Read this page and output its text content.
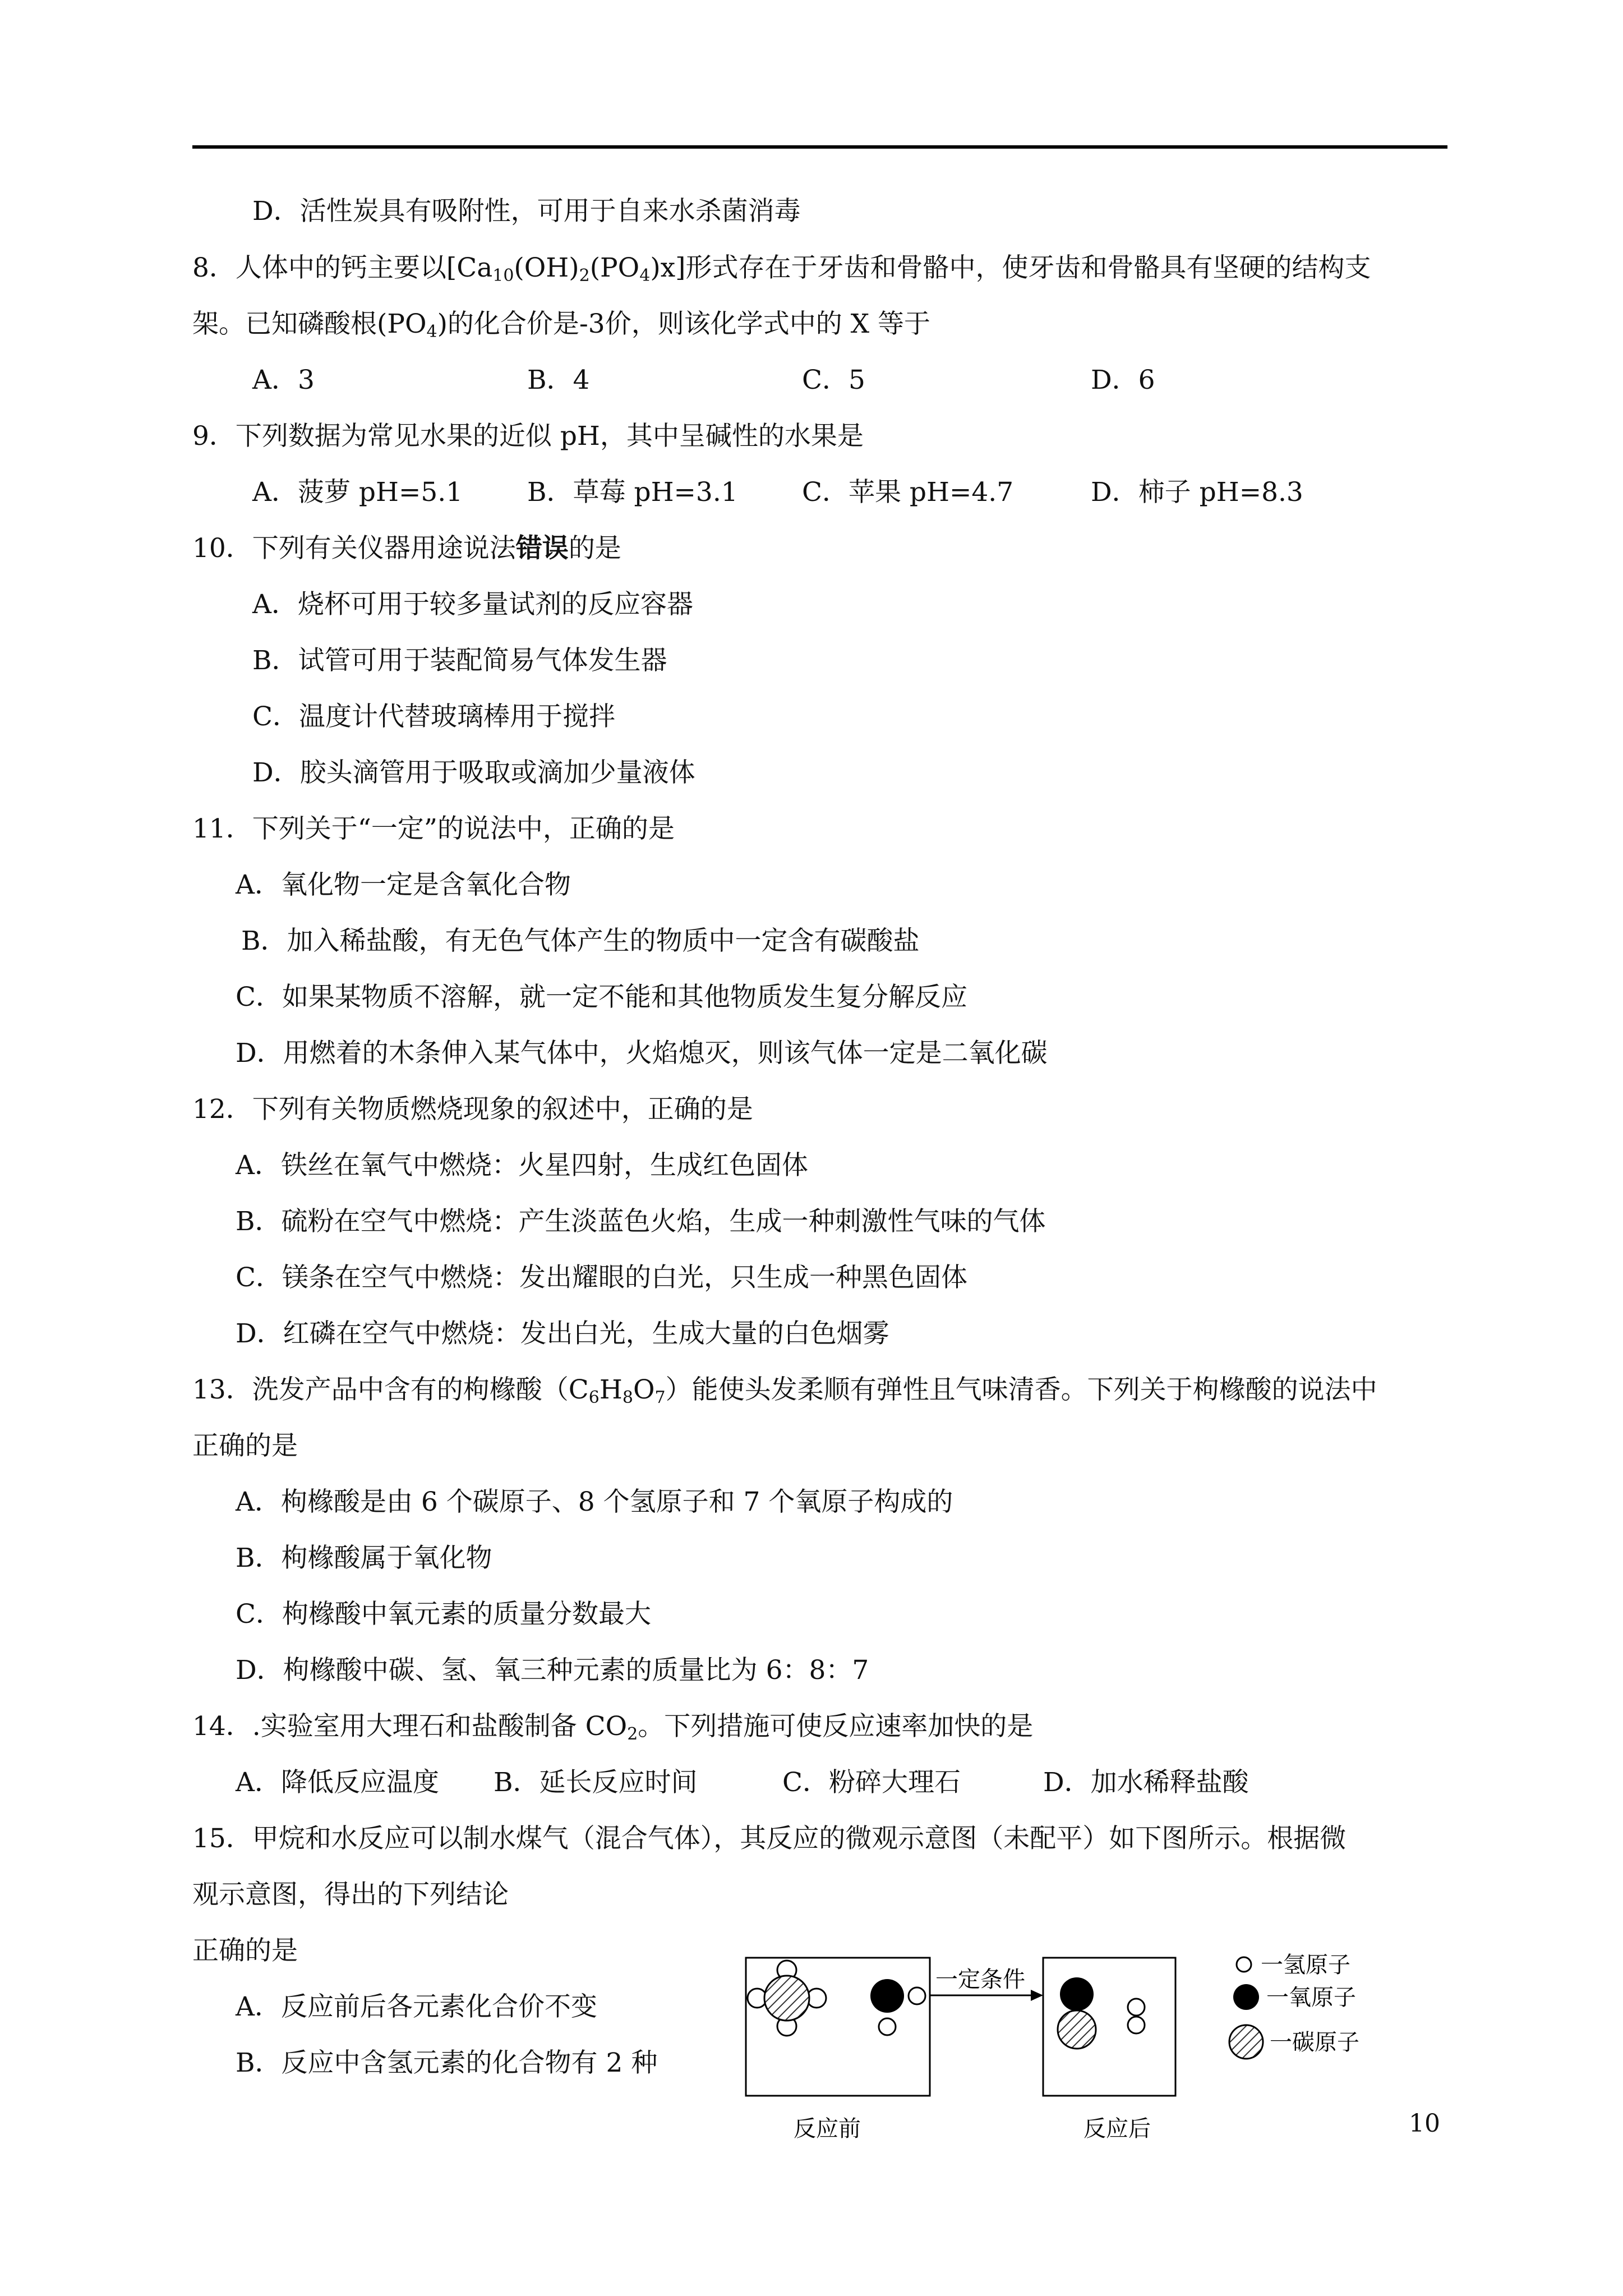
D．活性炭具有吸附性，可用于自来水杀菌消毒
8．人体中的钙主要以$[Ca_{10}(OH)_2(PO_4)x]$形式存在于牙齿和骨骼中，使牙齿和骨骼具有坚硬的结构支
架。已知磷酸根$(PO_4)$的化合价是-3价，则该化学式中的 X 等于
A．3	B．4	C．5	D．6
9．下列数据为常见水果的近似 pH，其中呈碱性的水果是
A．菠萝 pH=5.1 B．草莓 pH=3.1 C．苹果 pH=4.7	D．柿子 pH=8.3
10．下列有关仪器用途说法错误的是
A．烧杯可用于较多量试剂的反应容器
B．试管可用于装配简易气体发生器
C．温度计代替玻璃棒用于搅拌
D．胶头滴管用于吸取或滴加少量液体
11．下列关于“一定”的说法中，正确的是
A．氧化物一定是含氧化合物
B．加入稀盐酸，有无色气体产生的物质中一定含有碳酸盐
C．如果某物质不溶解，就一定不能和其他物质发生复分解反应
D．用燃着的木条伸入某气体中，火焰熄灭，则该气体一定是二氧化碳
12．下列有关物质燃烧现象的叙述中，正确的是
A．铁丝在氧气中燃烧：火星四射，生成红色固体
B．硫粉在空气中燃烧：产生淡蓝色火焰，生成一种刺激性气味的气体
C．镁条在空气中燃烧：发出耀眼的白光，只生成一种黑色固体
D．红磷在空气中燃烧：发出白光，生成大量的白色烟雾
13．洗发产品中含有的枸橼酸$(C_6H_8O_7)$能使头发柔顺有弹性且气味清香。下列关于枸橼酸的说法中
正确的是
A．枸橼酸是由 6 个碳原子、8 个氢原子和 7 个氧原子构成的
B．枸橼酸属于氧化物
C．枸橼酸中氧元素的质量分数最大
D．枸橼酸中碳、氢、氧三种元素的质量比为 6：8：7
14．.实验室用大理石和盐酸制备 $CO_2$。下列措施可使反应速率加快的是
A．降低反应温度 B．延长反应时间	C．粉碎大理石	D．加水稀释盐酸
15．甲烷和水反应可以制水煤气（混合气体），其反应的微观示意图（未配平）如下图所示。根据微
观示意图，得出的下列结论
正确的是
A．反应前后各元素化合价不变
B．反应中含氢元素的化合物有 2 种
一定条件
反应前	反应后
一氢原子
一氧原子
一碳原子
10
